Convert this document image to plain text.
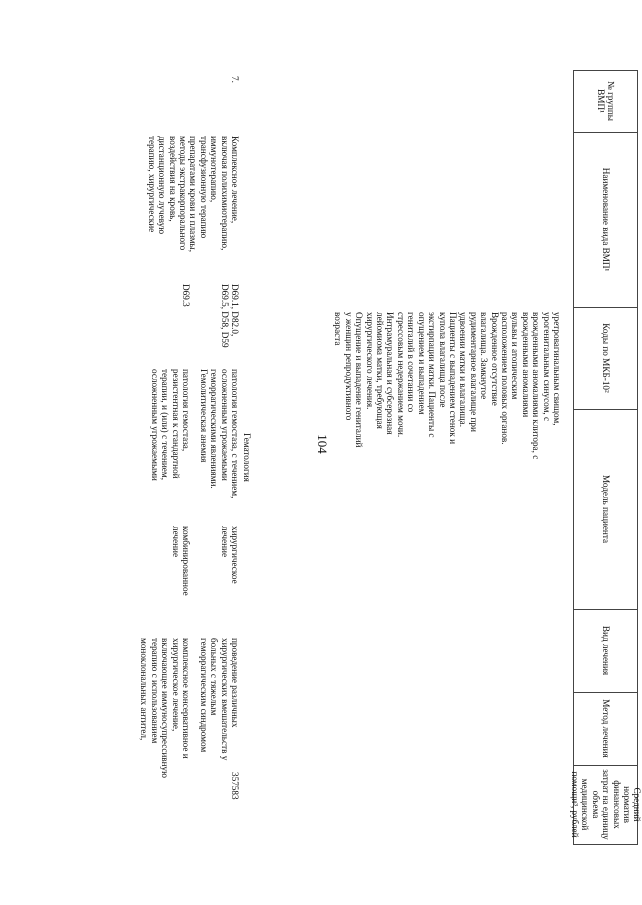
104
№ группы ВМП¹
Наименование вида ВМП¹
Коды по МКБ-10²
Модель пациента
Вид лечения
Метод лечения
Средний норматив финансовых затрат на единицу объема медицинской помощи³, рублей
уретровагинальным свищом,
урогенитальным синусом, с
врожденными аномалиями клитора, с
врожденными аномалиями
вульвы и атопическим
расположением половых органов.
Врожденное отсутствие
влагалища. Замкнутое
рудиментарное влагалище при
удвоении матки и влагалища.
Пациенты с выпадением стенок и
купола влагалища после
экстирпации матки. Пациенты с
опущением и выпадением
гениталий в сочетании со
стрессовым недержанием мочи.
Интрамуральная и субсерозная
лейомиома матки, требующая
хирургического лечения.
Опущение и выпадение гениталий
у женщин репродуктивного
возраста
Гематология
7.
Комплексное лечение,
включая полихимиотерапию,
иммунотерапию,
трансфузионную терапию
препаратами крови и плазмы,
методы экстракорпорального
воздействия на кровь,
дистанционную лучевую
терапию, хирургические
357583
D69.1, D82.0,
D69.5, D58, D59
патология гемостаза, с течением,
осложненным угрожаемыми
геморрагическими явлениями.
Гемолитическая анемия
хирургическое
лечение
проведение различных
хирургических вмешательств у
больных с тяжелым
геморрагическим синдромом
D69.3
патология гемостаза,
резистентная к стандартной
терапии, и (или) с течением,
осложненным угрожаемыми
комбинированное
лечение
комплексное консервативное и
хирургическое лечение,
включающее иммуносупрессивную
терапию с использованием
моноклональных антител,
